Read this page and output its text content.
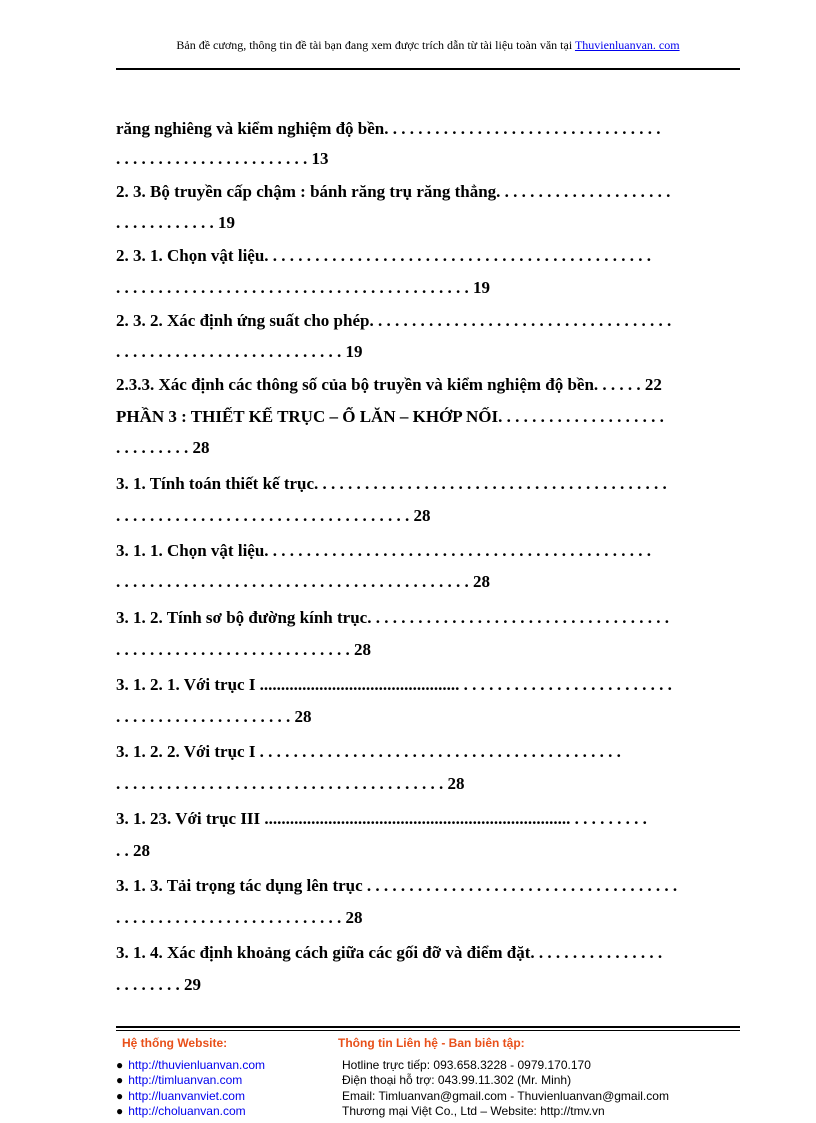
Bản đề cương, thông tin đề tài bạn đang xem được trích dẫn từ tài liệu toàn văn tại Thuvienluanvan. com
răng nghiêng và kiểm nghiệm độ bền. . . . . . . . . . . . . . . . . . . . . . . . . . . . . . . . .
. . . . . . . . . . . . . . . . . . . . . . . 13
2. 3. Bộ truyền cấp chậm : bánh răng trụ răng thẳng. . . . . . . . . . . . . . . . . . . . .
. . . . . . . . . . . . 19
2. 3. 1. Chọn vật liệu. . . . . . . . . . . . . . . . . . . . . . . . . . . . . . . . . . . . . . . . . . . . . .
. . . . . . . . . . . . . . . . . . . . . . . . . . . . . . . . . . . . . . . . . . 19
2. 3. 2. Xác định ứng suất cho phép. . . . . . . . . . . . . . . . . . . . . . . . . . . . . . . . . . . .
. . . . . . . . . . . . . . . . . . . . . . . . . . . 19
2.3.3. Xác định các thông số của bộ truyền và kiểm nghiệm độ bền. . . . . . 22
PHẦN 3 : THIẾT KẾ TRỤC – Ổ LĂN – KHỚP NỐI. . . . . . . . . . . . . . . . . . . .
. . . . . . . . . 28
3. 1. Tính toán thiết kế trục. . . . . . . . . . . . . . . . . . . . . . . . . . . . . . . . . . . . . . . . . .
. . . . . . . . . . . . . . . . . . . . . . . . . . . . . . . . . . . 28
3. 1. 1. Chọn vật liệu. . . . . . . . . . . . . . . . . . . . . . . . . . . . . . . . . . . . . . . . . . . . . .
. . . . . . . . . . . . . . . . . . . . . . . . . . . . . . . . . . . . . . . . . . 28
3. 1. 2. Tính sơ bộ đường kính trục. . . . . . . . . . . . . . . . . . . . . . . . . . . . . . . . . . . .
. . . . . . . . . . . . . . . . . . . . . . . . . . . . 28
3. 1. 2. 1. Với trục I ............................................... . . . . . . . . . . . . . . . . . . . . . . . . .
. . . . . . . . . . . . . . . . . . . . . 28
3. 1. 2. 2. Với trục I . . . . . . . . . . . . . . . . . . . . . . . . . . . . . . . . . . . . . . . . . . .
. . . . . . . . . . . . . . . . . . . . . . . . . . . . . . . . . . . . . . . 28
3. 1. 23. Với trục III ........................................................................ . . . . . . . . .
. . 28
3. 1. 3. Tải trọng tác dụng lên trục . . . . . . . . . . . . . . . . . . . . . . . . . . . . . . . . . . . . .
. . . . . . . . . . . . . . . . . . . . . . . . . . . 28
3. 1. 4. Xác định khoảng cách giữa các gối đỡ và điểm đặt. . . . . . . . . . . . . . . .
. . . . . . . . 29
Hệ thống Website:
● http://thuvienluanvan.com
● http://timluanvan.com
● http://luanvanviet.com
● http://choluanvan.com
Thông tin Liên hệ - Ban biên tập:
Hotline trực tiếp: 093.658.3228 - 0979.170.170
Điện thoại hỗ trợ: 043.99.11.302 (Mr. Minh)
Email: Timluanvan@gmail.com - Thuvienluanvan@gmail.com
Thương mại Việt Co., Ltd – Website: http://tmv.vn
